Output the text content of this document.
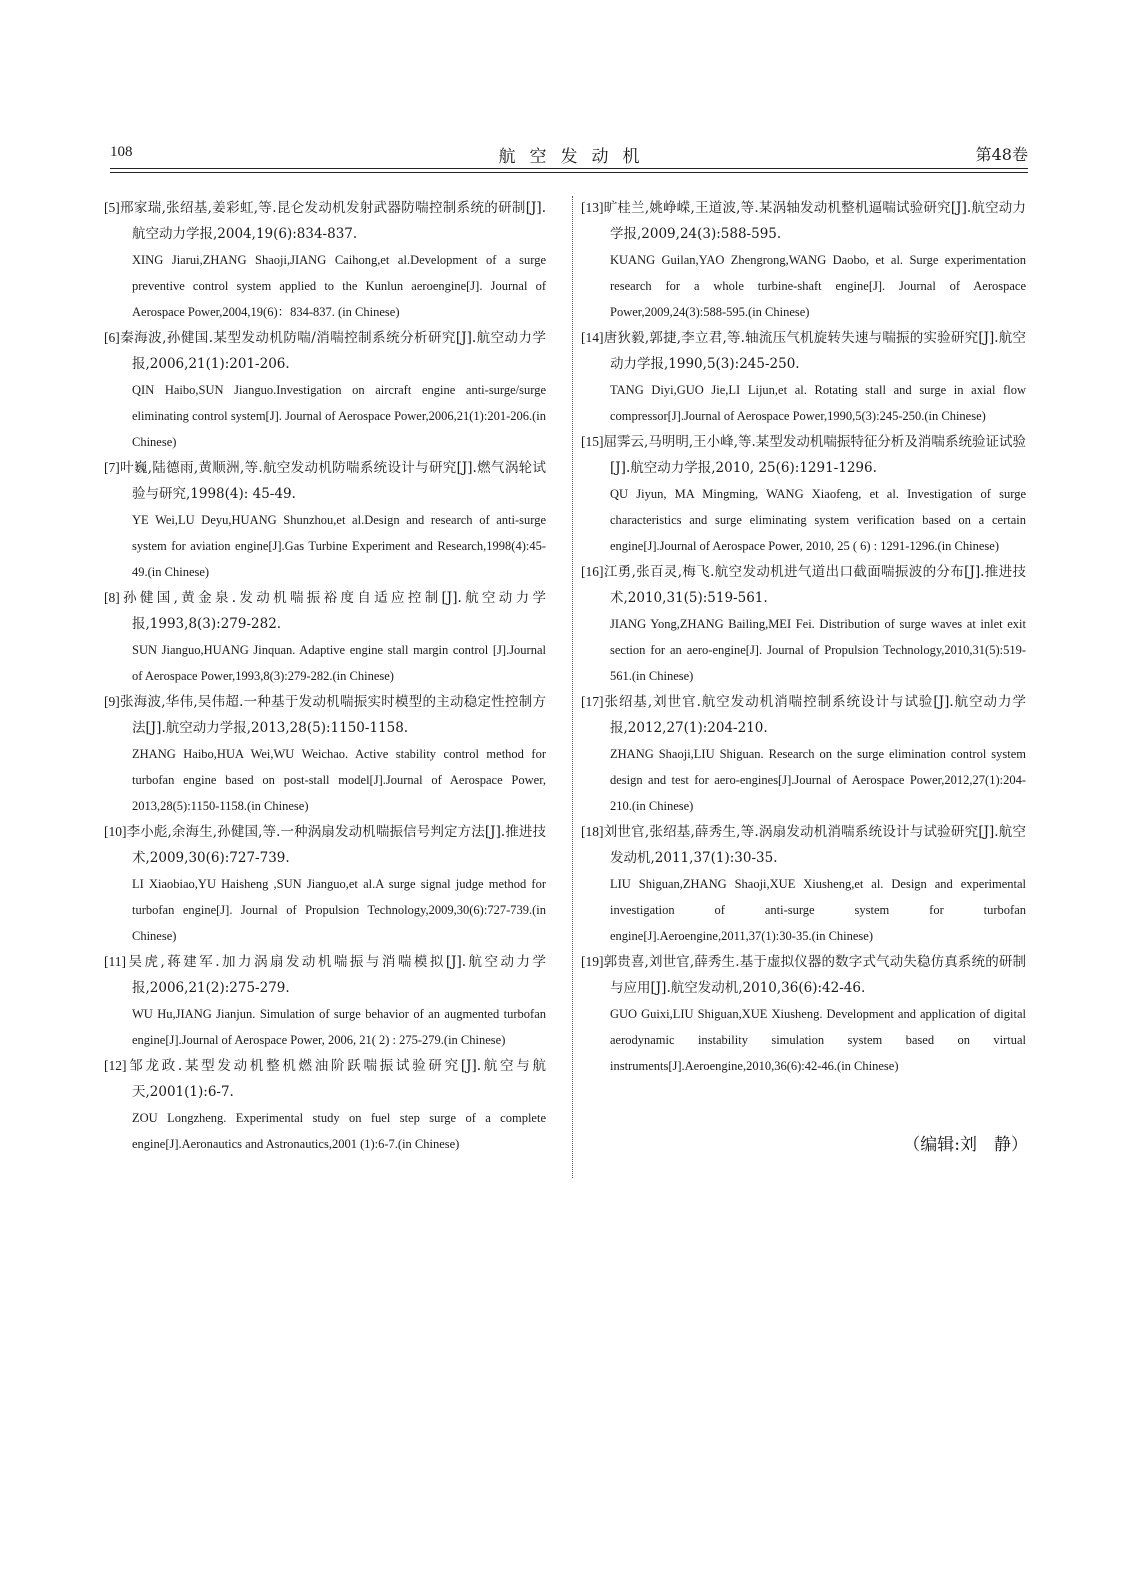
108	航空发动机	第48卷
[5]邢家瑞,张绍基,姜彩虹,等.昆仑发动机发射武器防喘控制系统的研制[J].航空动力学报,2004,19(6):834-837.
XING Jiarui,ZHANG Shaoji,JIANG Caihong,et al.Development of a surge preventive control system applied to the Kunlun aeroengine[J]. Journal of Aerospace Power,2004,19(6)：834-837. (in Chinese)
[6]秦海波,孙健国.某型发动机防喘/消喘控制系统分析研究[J].航空动力学报,2006,21(1):201-206.
QIN Haibo,SUN Jianguo.Investigation on aircraft engine anti-surge/surge eliminating control system[J]. Journal of Aerospace Power,2006,21(1):201-206.(in Chinese)
[7]叶巍,陆德雨,黄顺洲,等.航空发动机防喘系统设计与研究[J].燃气涡轮试验与研究,1998(4): 45-49.
YE Wei,LU Deyu,HUANG Shunzhou,et al.Design and research of anti-surge system for aviation engine[J].Gas Turbine Experiment and Research,1998(4):45-49.(in Chinese)
[8]孙健国,黄金泉.发动机喘振裕度自适应控制[J].航空动力学报,1993,8(3):279-282.
SUN Jianguo,HUANG Jinquan. Adaptive engine stall margin control [J].Journal of Aerospace Power,1993,8(3):279-282.(in Chinese)
[9]张海波,华伟,吴伟超.一种基于发动机喘振实时模型的主动稳定性控制方法[J].航空动力学报,2013,28(5):1150-1158.
ZHANG Haibo,HUA Wei,WU Weichao. Active stability control method for turbofan engine based on post-stall model[J].Journal of Aerospace Power, 2013,28(5):1150-1158.(in Chinese)
[10]李小彪,余海生,孙健国,等.一种涡扇发动机喘振信号判定方法[J].推进技术,2009,30(6):727-739.
LI Xiaobiao,YU Haisheng ,SUN Jianguo,et al.A surge signal judge method for turbofan engine[J]. Journal of Propulsion Technology,2009,30(6):727-739.(in Chinese)
[11]吴虎,蒋建军.加力涡扇发动机喘振与消喘模拟[J].航空动力学报,2006,21(2):275-279.
WU Hu,JIANG Jianjun. Simulation of surge behavior of an augmented turbofan engine[J].Journal of Aerospace Power, 2006, 21( 2) : 275-279.(in Chinese)
[12]邹龙政.某型发动机整机燃油阶跃喘振试验研究[J].航空与航天,2001(1):6-7.
ZOU Longzheng. Experimental study on fuel step surge of a complete engine[J].Aeronautics and Astronautics,2001 (1):6-7.(in Chinese)
[13]旷桂兰,姚峥嵘,王道波,等.某涡轴发动机整机逼喘试验研究[J].航空动力学报,2009,24(3):588-595.
KUANG Guilan,YAO Zhengrong,WANG Daobo, et al. Surge experimentation research for a whole turbine-shaft engine[J]. Journal of Aerospace Power,2009,24(3):588-595.(in Chinese)
[14]唐狄毅,郭捷,李立君,等.轴流压气机旋转失速与喘振的实验研究[J].航空动力学报,1990,5(3):245-250.
TANG Diyi,GUO Jie,LI Lijun,et al. Rotating stall and surge in axial flow compressor[J].Journal of Aerospace Power,1990,5(3):245-250.(in Chinese)
[15]屈霁云,马明明,王小峰,等.某型发动机喘振特征分析及消喘系统验证试验[J].航空动力学报,2010, 25(6):1291-1296.
QU Jiyun, MA Mingming, WANG Xiaofeng, et al. Investigation of surge characteristics and surge eliminating system verification based on a certain engine[J].Journal of Aerospace Power, 2010, 25 ( 6) : 1291-1296.(in Chinese)
[16]江勇,张百灵,梅飞.航空发动机进气道出口截面喘振波的分布[J].推进技术,2010,31(5):519-561.
JIANG Yong,ZHANG Bailing,MEI Fei. Distribution of surge waves at inlet exit section for an aero-engine[J]. Journal of Propulsion Technology,2010,31(5):519-561.(in Chinese)
[17]张绍基,刘世官.航空发动机消喘控制系统设计与试验[J].航空动力学报,2012,27(1):204-210.
ZHANG Shaoji,LIU Shiguan. Research on the surge elimination control system design and test for aero-engines[J].Journal of Aerospace Power,2012,27(1):204-210.(in Chinese)
[18]刘世官,张绍基,薛秀生,等.涡扇发动机消喘系统设计与试验研究[J].航空发动机,2011,37(1):30-35.
LIU Shiguan,ZHANG Shaoji,XUE Xiusheng,et al. Design and experimental investigation of anti-surge system for turbofan engine[J].Aeroengine,2011,37(1):30-35.(in Chinese)
[19]郭贵喜,刘世官,薛秀生.基于虚拟仪器的数字式气动失稳仿真系统的研制与应用[J].航空发动机,2010,36(6):42-46.
GUO Guixi,LIU Shiguan,XUE Xiusheng. Development and application of digital aerodynamic instability simulation system based on virtual instruments[J].Aeroengine,2010,36(6):42-46.(in Chinese)
（编辑:刘　静）
